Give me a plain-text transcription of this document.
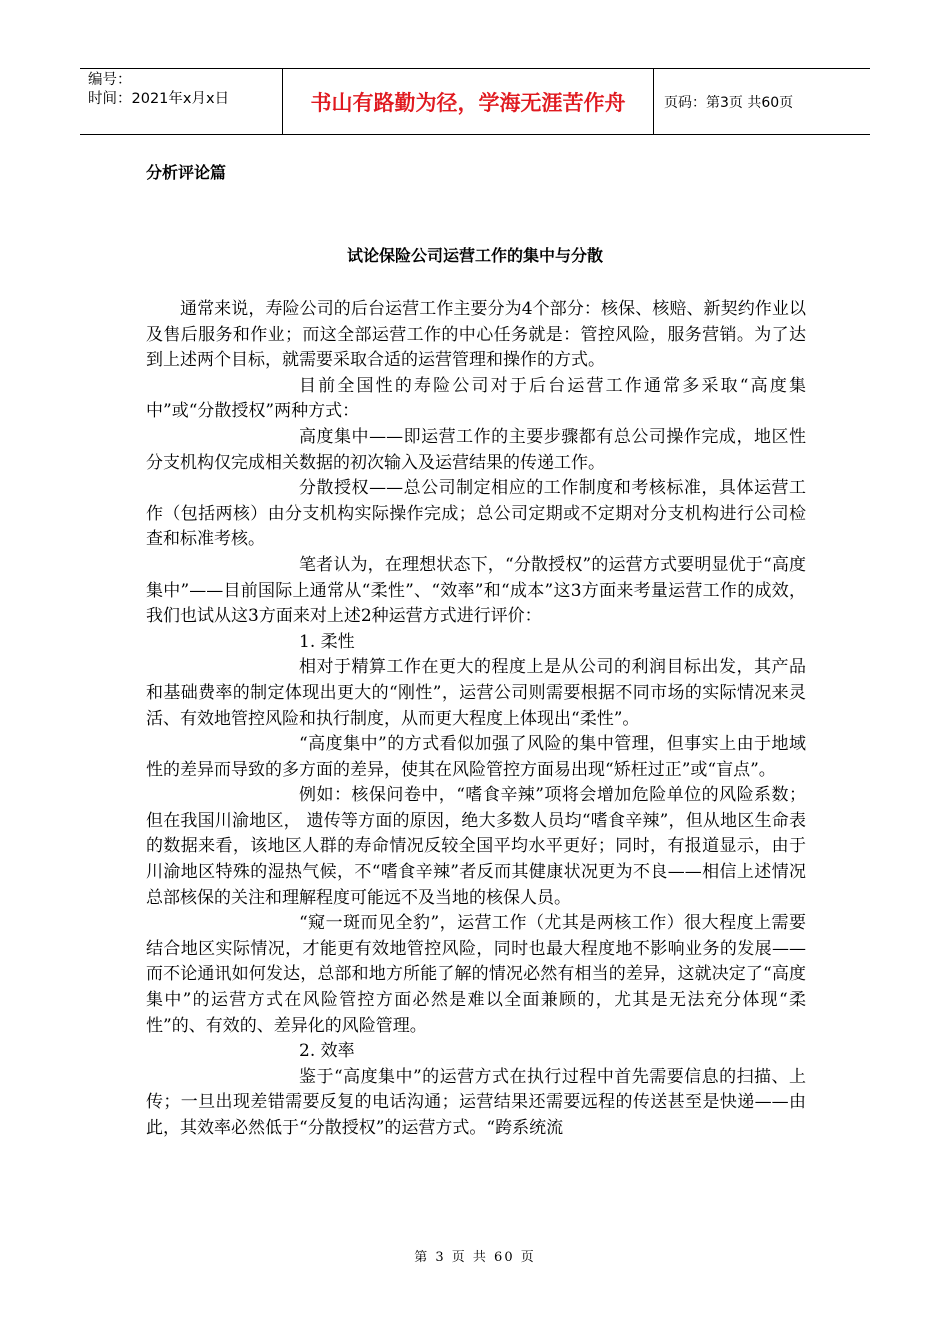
编号：
时间：2021年x月x日	书山有路勤为径，学海无涯苦作舟	页码：第3页 共60页
分析评论篇
试论保险公司运营工作的集中与分散

通常来说，寿险公司的后台运营工作主要分为4个部分：核保、核赔、新契约作业以及售后服务和作业；而这全部运营工作的中心任务就是：管控风险，服务营销。为了达到上述两个目标，就需要采取合适的运营管理和操作的方式。

目前全国性的寿险公司对于后台运营工作通常多采取“高度集中”或“分散授权”两种方式：

高度集中——即运营工作的主要步骤都有总公司操作完成，地区性分支机构仅完成相关数据的初次输入及运营结果的传递工作。

分散授权——总公司制定相应的工作制度和考核标准，具体运营工作（包括两核）由分支机构实际操作完成；总公司定期或不定期对分支机构进行公司检查和标准考核。

笔者认为，在理想状态下，“分散授权”的运营方式要明显优于“高度集中”——目前国际上通常从“柔性”、“效率”和“成本”这3方面来考量运营工作的成效，我们也试从这3方面来对上述2种运营方式进行评价：

1. 柔性

相对于精算工作在更大的程度上是从公司的利润目标出发，其产品和基础费率的制定体现出更大的“刚性”，运营公司则需要根据不同市场的实际情况来灵活、有效地管控风险和执行制度，从而更大程度上体现出“柔性”。

“高度集中”的方式看似加强了风险的集中管理，但事实上由于地域性的差异而导致的多方面的差异，使其在风险管控方面易出现“矫枉过正”或“盲点”。

例如：核保问卷中，“嗜食辛辣”项将会增加危险单位的风险系数；但在我国川渝地区， 遗传等方面的原因，绝大多数人员均“嗜食辛辣”，但从地区生命表的数据来看，该地区人群的寿命情况反较全国平均水平更好；同时，有报道显示，由于川渝地区特殊的湿热气候，不“嗜食辛辣”者反而其健康状况更为不良——相信上述情况总部核保的关注和理解程度可能远不及当地的核保人员。

“窥一斑而见全豹”，运营工作（尤其是两核工作）很大程度上需要结合地区实际情况，才能更有效地管控风险，同时也最大程度地不影响业务的发展——而不论通讯如何发达，总部和地方所能了解的情况必然有相当的差异，这就决定了“高度集中”的运营方式在风险管控方面必然是难以全面兼顾的，尤其是无法充分体现“柔性”的、有效的、差异化的风险管理。

2. 效率

鉴于“高度集中”的运营方式在执行过程中首先需要信息的扫描、上传；一旦出现差错需要反复的电话沟通；运营结果还需要远程的传送甚至是快递——由此，其效率必然低于“分散授权”的运营方式。“跨系统流

第 3 页 共 60 页
